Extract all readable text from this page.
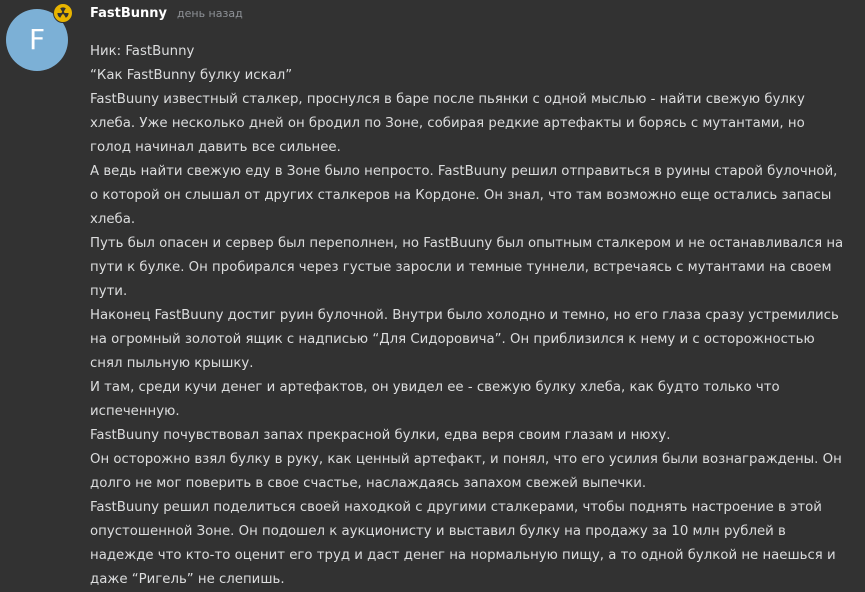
F
FastBunny день назад

Ник: FastBunny

“Как FastBunny булку искал”

FastBuuny известный сталкер, проснулся в баре после пьянки с одной мыслью - найти свежую булку хлеба. Уже несколько дней он бродил по Зоне, собирая редкие артефакты и борясь с мутантами, но голод начинал давить все сильнее.

А ведь найти свежую еду в Зоне было непросто. FastBuuny решил отправиться в руины старой булочной, о которой он слышал от других сталкеров на Кордоне. Он знал, что там возможно еще остались запасы хлеба.

Путь был опасен и сервер был переполнен, но FastBuuny был опытным сталкером и не останавливался на пути к булке. Он пробирался через густые заросли и темные туннели, встречаясь с мутантами на своем пути.

Наконец FastBuuny достиг руин булочной. Внутри было холодно и темно, но его глаза сразу устремились на огромный золотой ящик с надписью “Для Сидоровича”. Он приблизился к нему и с осторожностью снял пыльную крышку.

И там, среди кучи денег и артефактов, он увидел ее - свежую булку хлеба, как будто только что испеченную.

FastBuuny почувствовал запах прекрасной булки, едва веря своим глазам и нюху.

Он осторожно взял булку в руку, как ценный артефакт, и понял, что его усилия были вознаграждены. Он долго не мог поверить в свое счастье, наслаждаясь запахом свежей выпечки.

FastBuuny решил поделиться своей находкой с другими сталкерами, чтобы поднять настроение в этой опустошенной Зоне. Он подошел к аукционисту и выставил булку на продажу за 10 млн рублей в надежде что кто-то оценит его труд и даст денег на нормальную пищу, а то одной булкой не наешься и даже “Ригель” не слепишь.
